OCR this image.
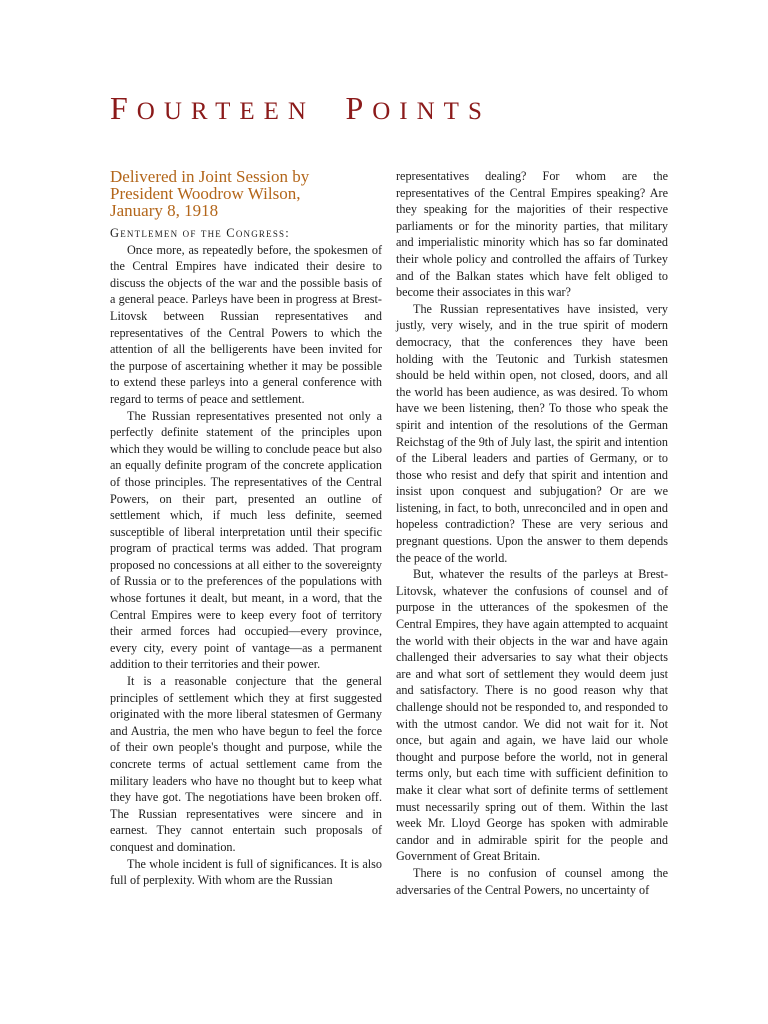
FOURTEEN POINTS
Delivered in Joint Session by
President Woodrow Wilson,
January 8, 1918

Gentlemen of the Congress:

Once more, as repeatedly before, the spokesmen of the Central Empires have indicated their desire to discuss the objects of the war and the possible basis of a general peace. Parleys have been in progress at Brest-Litovsk between Russian representatives and representatives of the Central Powers to which the attention of all the belligerents have been invited for the purpose of ascertaining whether it may be possible to extend these parleys into a general conference with regard to terms of peace and settlement.

The Russian representatives presented not only a perfectly definite statement of the principles upon which they would be willing to conclude peace but also an equally definite program of the concrete application of those principles. The representatives of the Central Powers, on their part, presented an outline of settlement which, if much less definite, seemed susceptible of liberal interpretation until their specific program of practical terms was added. That program proposed no concessions at all either to the sovereignty of Russia or to the preferences of the populations with whose fortunes it dealt, but meant, in a word, that the Central Empires were to keep every foot of territory their armed forces had occupied—every province, every city, every point of vantage—as a permanent addition to their territories and their power.

It is a reasonable conjecture that the general principles of settlement which they at first suggested originated with the more liberal statesmen of Germany and Austria, the men who have begun to feel the force of their own people's thought and purpose, while the concrete terms of actual settlement came from the military leaders who have no thought but to keep what they have got. The negotiations have been broken off. The Russian representatives were sincere and in earnest. They cannot entertain such proposals of conquest and domination.

The whole incident is full of significances. It is also full of perplexity. With whom are the Russian

representatives dealing? For whom are the representatives of the Central Empires speaking? Are they speaking for the majorities of their respective parliaments or for the minority parties, that military and imperialistic minority which has so far dominated their whole policy and controlled the affairs of Turkey and of the Balkan states which have felt obliged to become their associates in this war?

The Russian representatives have insisted, very justly, very wisely, and in the true spirit of modern democracy, that the conferences they have been holding with the Teutonic and Turkish statesmen should be held within open, not closed, doors, and all the world has been audience, as was desired. To whom have we been listening, then? To those who speak the spirit and intention of the resolutions of the German Reichstag of the 9th of July last, the spirit and intention of the Liberal leaders and parties of Germany, or to those who resist and defy that spirit and intention and insist upon conquest and subjugation? Or are we listening, in fact, to both, unreconciled and in open and hopeless contradiction? These are very serious and pregnant questions. Upon the answer to them depends the peace of the world.

But, whatever the results of the parleys at Brest-Litovsk, whatever the confusions of counsel and of purpose in the utterances of the spokesmen of the Central Empires, they have again attempted to acquaint the world with their objects in the war and have again challenged their adversaries to say what their objects are and what sort of settlement they would deem just and satisfactory. There is no good reason why that challenge should not be responded to, and responded to with the utmost candor. We did not wait for it. Not once, but again and again, we have laid our whole thought and purpose before the world, not in general terms only, but each time with sufficient definition to make it clear what sort of definite terms of settlement must necessarily spring out of them. Within the last week Mr. Lloyd George has spoken with admirable candor and in admirable spirit for the people and Government of Great Britain.

There is no confusion of counsel among the adversaries of the Central Powers, no uncertainty of
